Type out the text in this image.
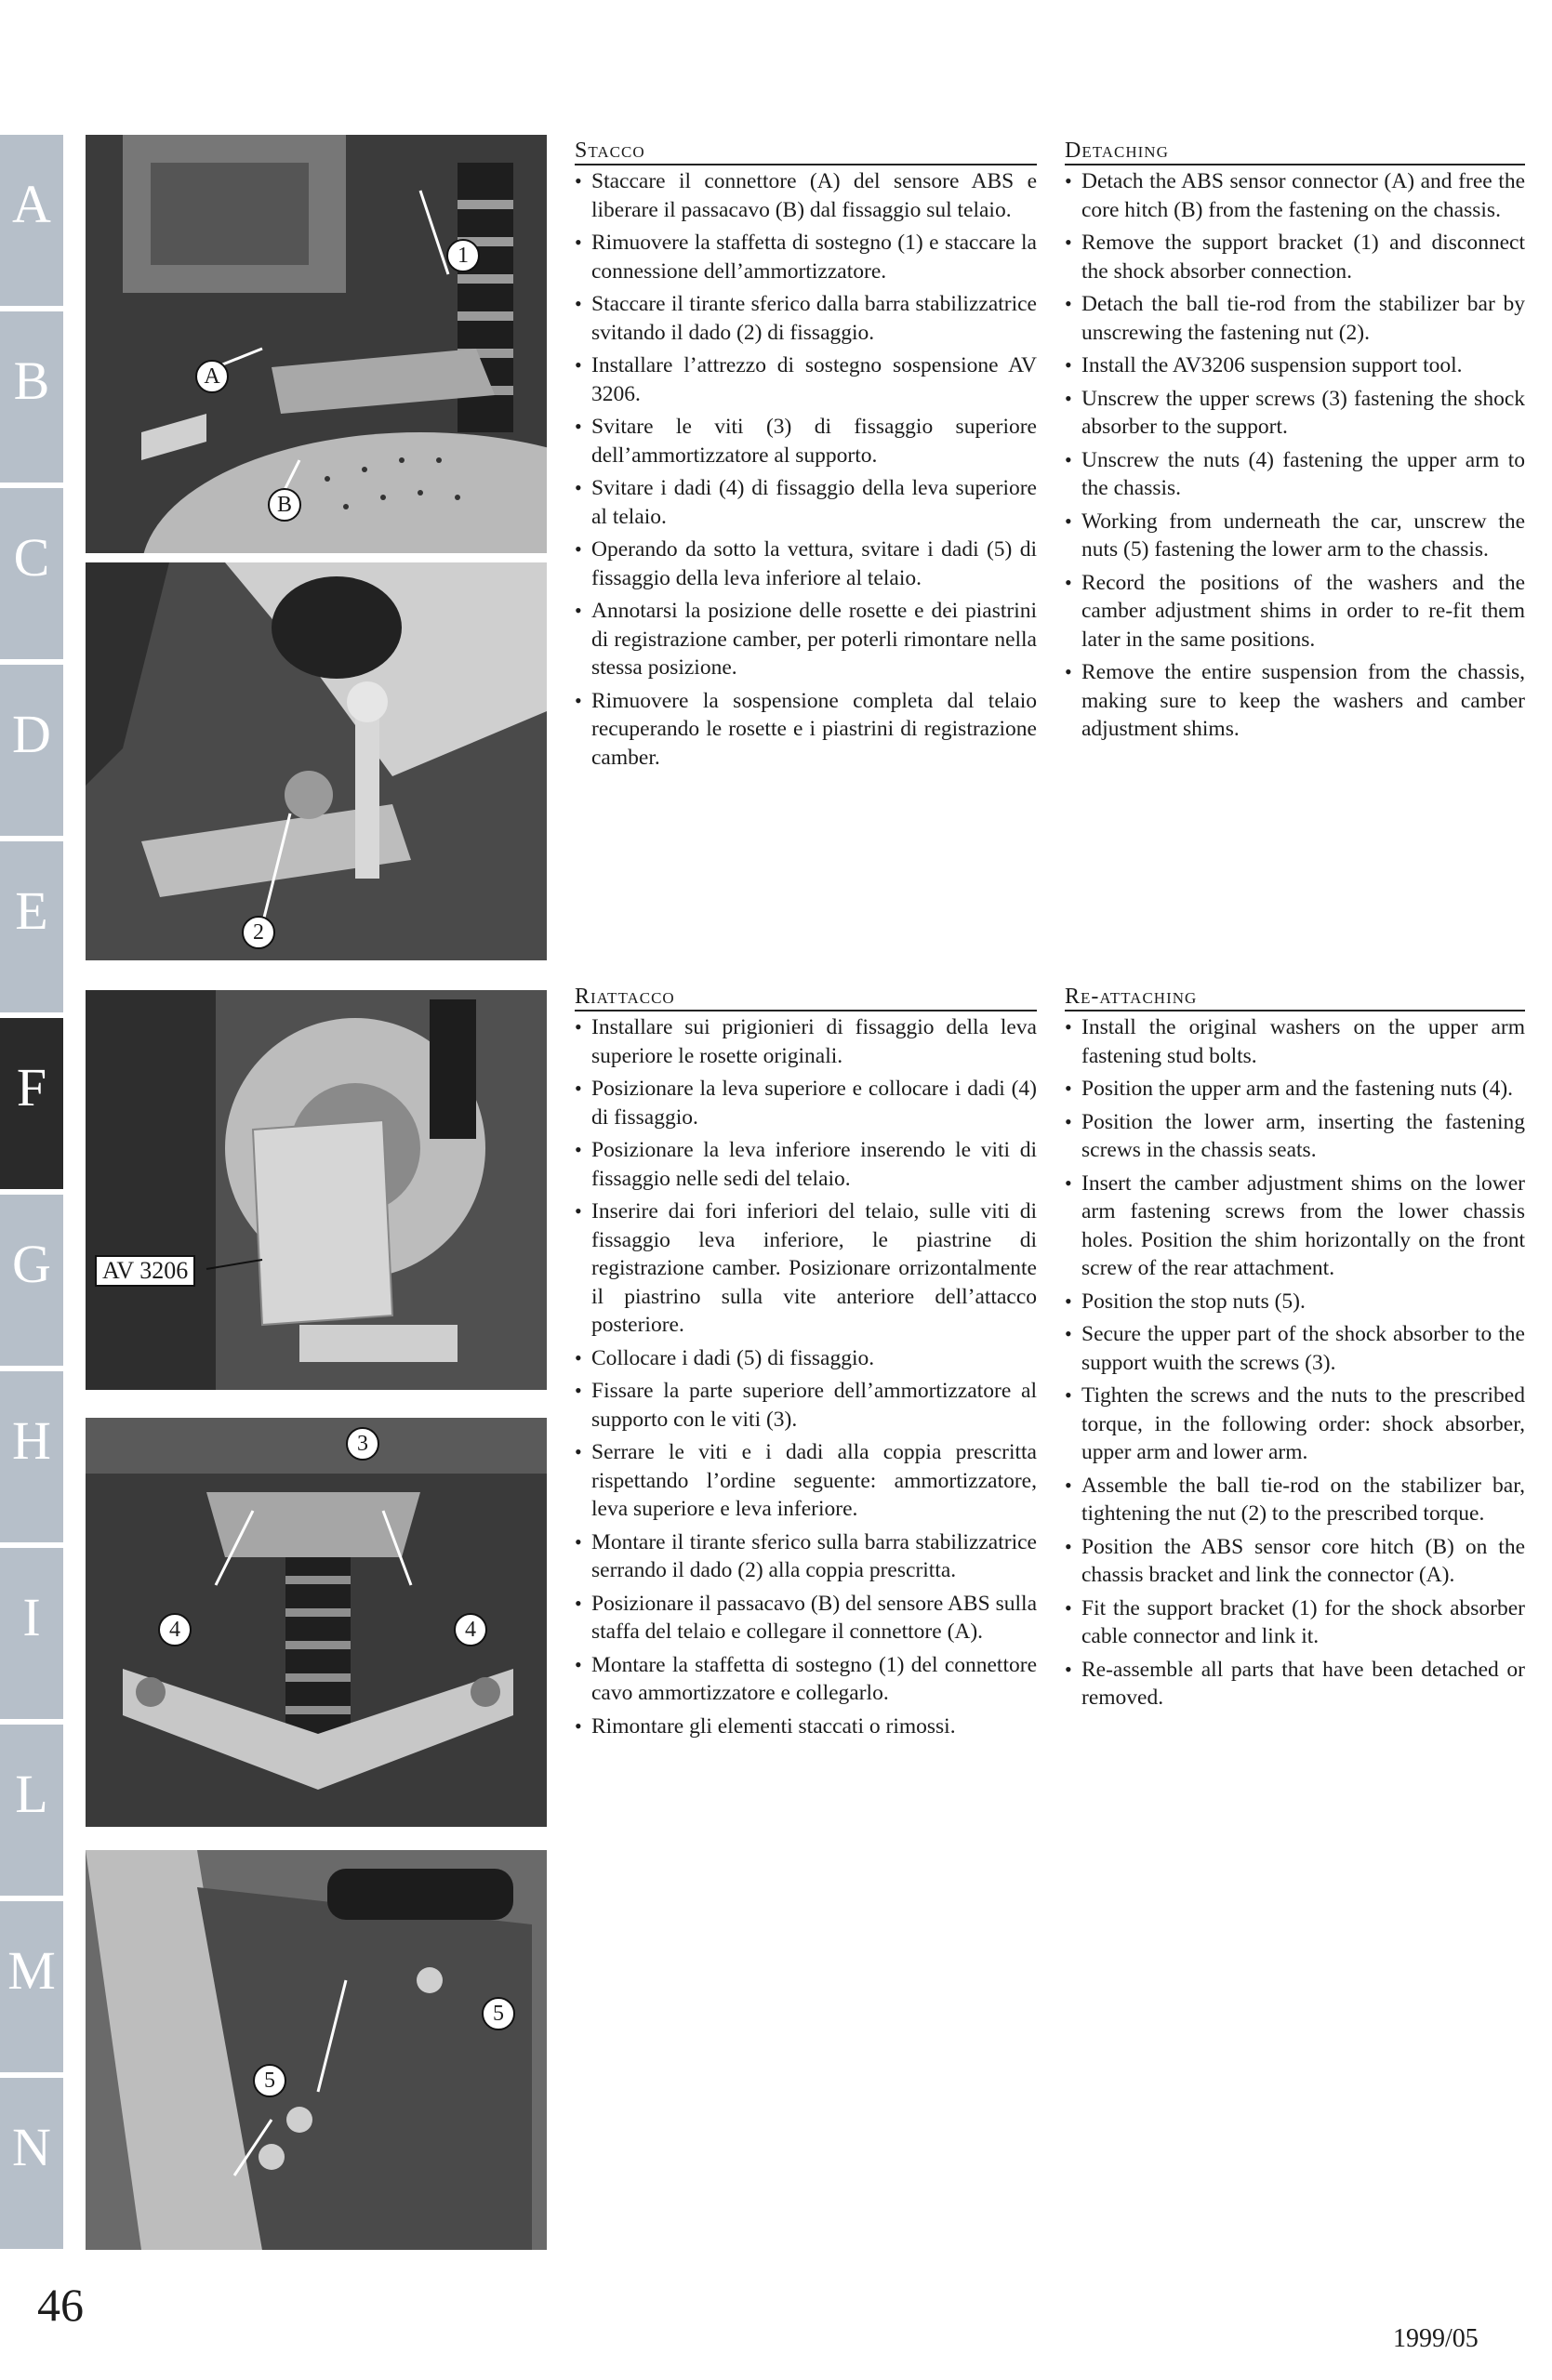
A
B
C
D
E
F
G
H
I
L
M
N
1
A
B
2
AV 3206
3
4	4
5
5
Stacco
• Staccare il connettore (A) del sensore ABS e liberare il passacavo (B) dal fissaggio sul telaio.
• Rimuovere la staffetta di sostegno (1) e staccare la connessione dell’ammortizzatore.
• Staccare il tirante sferico dalla barra stabilizzatrice svitando il dado (2) di fissaggio.
• Installare l’attrezzo di sostegno sospensione AV 3206.
• Svitare le viti (3) di fissaggio superiore dell’ammortizzatore al supporto.
• Svitare i dadi (4) di fissaggio della leva superiore al telaio.
• Operando da sotto la vettura, svitare i dadi (5) di fissaggio della leva inferiore al telaio.
• Annotarsi la posizione delle rosette e dei piastrini di registrazione camber, per poterli rimontare nella stessa posizione.
• Rimuovere la sospensione completa dal telaio recuperando le rosette e i piastrini di registrazione camber.
Detaching
• Detach the ABS sensor connector (A) and free the core hitch (B) from the fastening on the chassis.
• Remove the support bracket (1) and disconnect the shock absorber connection.
• Detach the ball tie-rod from the stabilizer bar by unscrewing the fastening nut (2).
• Install the AV3206 suspension support tool.
• Unscrew the upper screws (3) fastening the shock absorber to the support.
• Unscrew the nuts (4) fastening the upper arm to the chassis.
• Working from underneath the car, unscrew the nuts (5) fastening the lower arm to the chassis.
• Record the positions of the washers and the camber adjustment shims in order to re-fit them later in the same positions.
• Remove the entire suspension from the chassis, making sure to keep the washers and camber adjustment shims.
Riattacco
• Installare sui prigionieri di fissaggio della leva superiore le rosette originali.
• Posizionare la leva superiore e collocare i dadi (4) di fissaggio.
• Posizionare la leva inferiore inserendo le viti di fissaggio nelle sedi del telaio.
• Inserire dai fori inferiori del telaio, sulle viti di fissaggio leva inferiore, le piastrine di registrazione camber. Posizionare orrizontalmente il piastrino sulla vite anteriore dell’attacco posteriore.
• Collocare i dadi (5) di fissaggio.
• Fissare la parte superiore dell’ammortizzatore al supporto con le viti (3).
• Serrare le viti e i dadi alla coppia prescritta rispettando l’ordine seguente: ammortizzatore, leva superiore e leva inferiore.
• Montare il tirante sferico sulla barra stabilizzatrice serrando il dado (2) alla coppia prescritta.
• Posizionare il passacavo (B) del sensore ABS sulla staffa del telaio e collegare il connettore (A).
• Montare la staffetta di sostegno (1) del connettore cavo ammortizzatore e collegarlo.
• Rimontare gli elementi staccati o rimossi.
Re-attaching
• Install the original washers on the upper arm fastening stud bolts.
• Position the upper arm and the fastening nuts (4).
• Position the lower arm, inserting the fastening screws in the chassis seats.
• Insert the camber adjustment shims on the lower arm fastening screws from the lower chassis holes. Position the shim horizontally on the front screw of the rear attachment.
• Position the stop nuts (5).
• Secure the upper part of the shock absorber to the support wuith the screws (3).
• Tighten the screws and the nuts to the prescribed torque, in the following order: shock absorber, upper arm and lower arm.
• Assemble the ball tie-rod on the stabilizer bar, tightening the nut (2) to the prescribed torque.
• Position the ABS sensor core hitch (B) on the chassis bracket and link the connector (A).
• Fit the support bracket (1) for the shock absorber cable connector and link it.
• Re-assemble all parts that have been detached or removed.
46
1999/05
